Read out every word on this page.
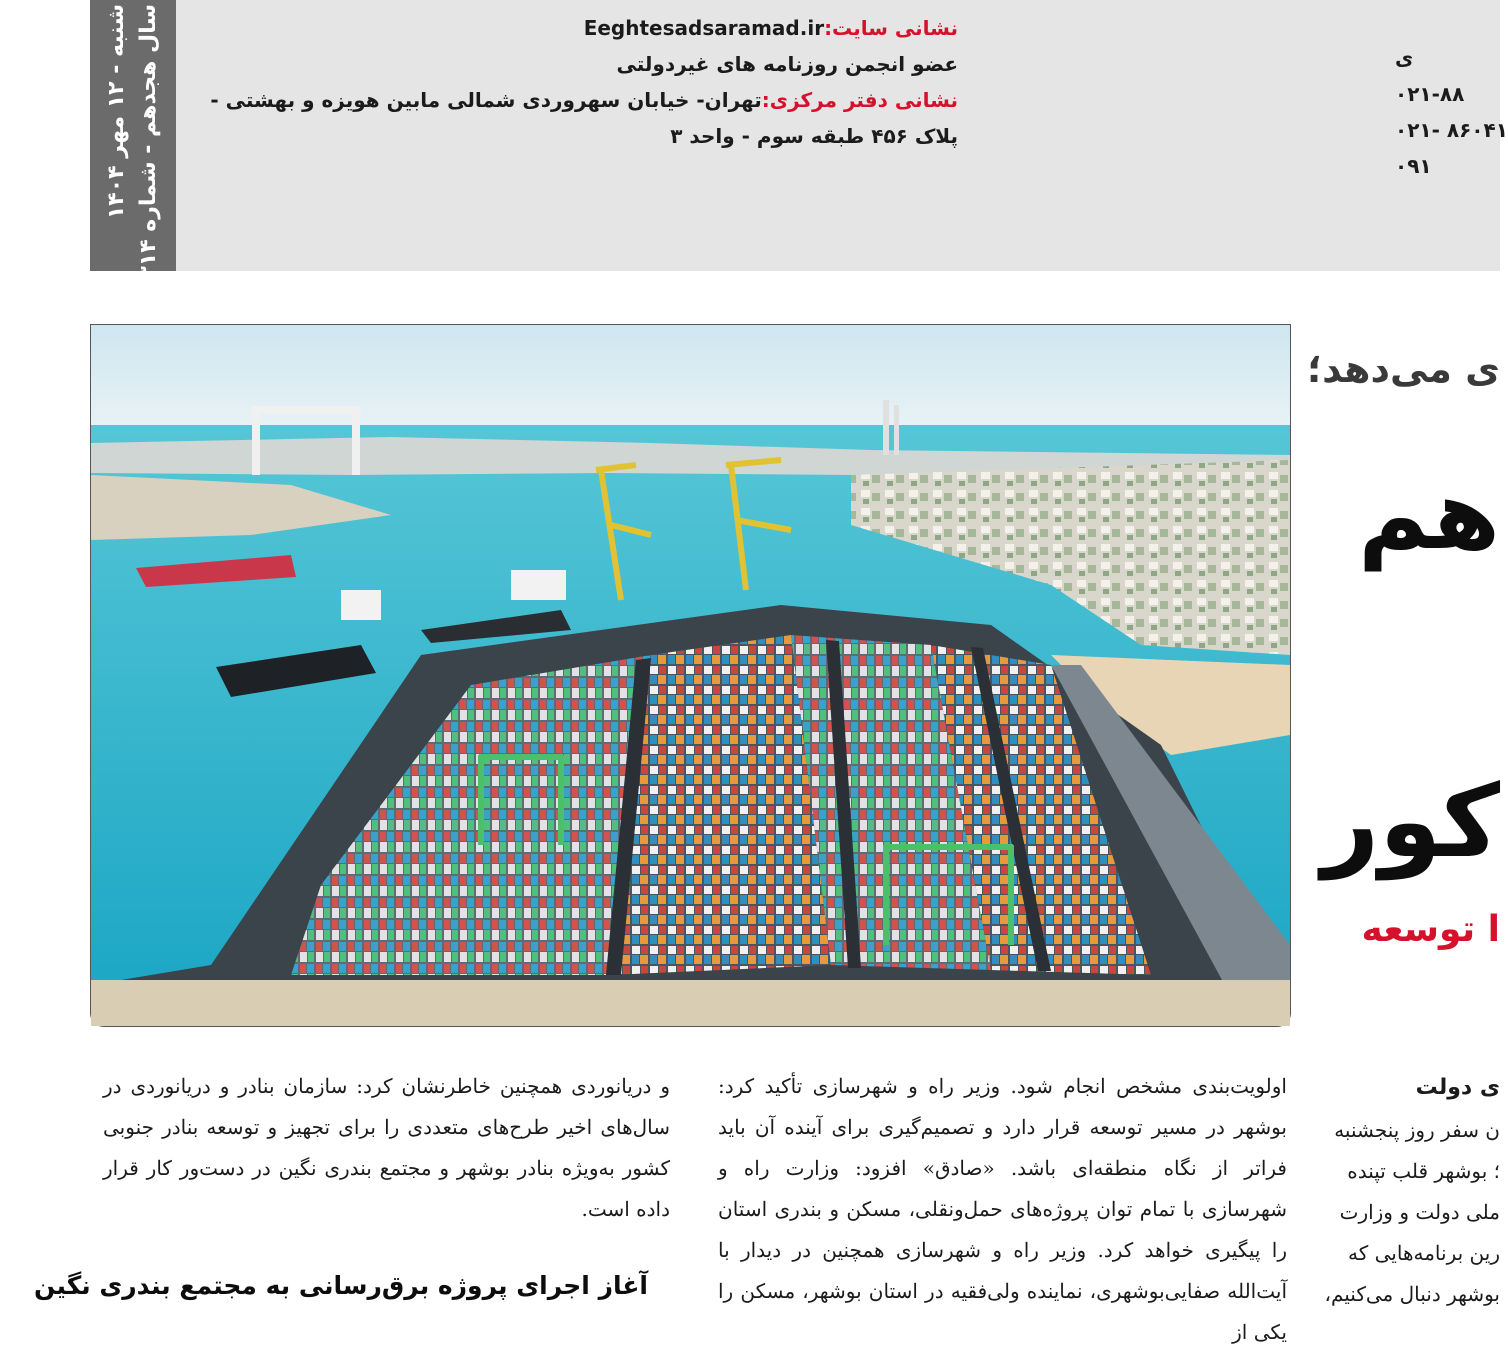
شنبه - ۱۲ مهر ۱۴۰۴
سال هجدهم - شماره ۲۳۱۴	نشانی سایت:Eeghtesadsaramad.ir
عضو انجمن روزنامه های غیردولتی
نشانی دفتر مرکزی:تهران- خیابان سهروردی شمالی مابین هویزه و بهشتی -
پلاک ۴۵۶ طبقه سوم - واحد ۳
ی
۰۲۱-۸۸
۰۲۱- ۸۶۰۴۱
۰۹۱
ی می‌دهد؛
هم
کور
ا توسعه

و دریانوردی همچنین خاطرنشان کرد: سازمان بنادر و دریانوردی در سال‌های اخیر طرح‌های متعددی را برای تجهیز و توسعه بنادر جنوبی کشور به‌ویژه بنادر بوشهر و مجتمع بندری نگین در دست‌ور کار قرار داده است.

آغاز اجرای پروژه برق‌رسانی به مجتمع بندری نگین

اولویت‌بندی مشخص انجام شود. وزیر راه و شهرسازی تأکید کرد: بوشهر در مسیر توسعه قرار دارد و تصمیم‌گیری برای آینده آن باید فراتر از نگاه منطقه‌ای باشد. «صادق» افزود: وزارت راه و شهرسازی با تمام توان پروژه‌های حمل‌ونقلی، مسکن و بندری استان را پیگیری خواهد کرد. وزیر راه و شهرسازی همچنین در دیدار با آیت‌الله صفایی‌بوشهری، نماینده ولی‌فقیه در استان بوشهر، مسکن را یکی از

ی دولت
ن سفر روز پنجشنبه
؛ بوشهر قلب تپنده
ملی دولت و وزارت
رین برنامه‌هایی که
بوشهر دنبال می‌کنیم،
